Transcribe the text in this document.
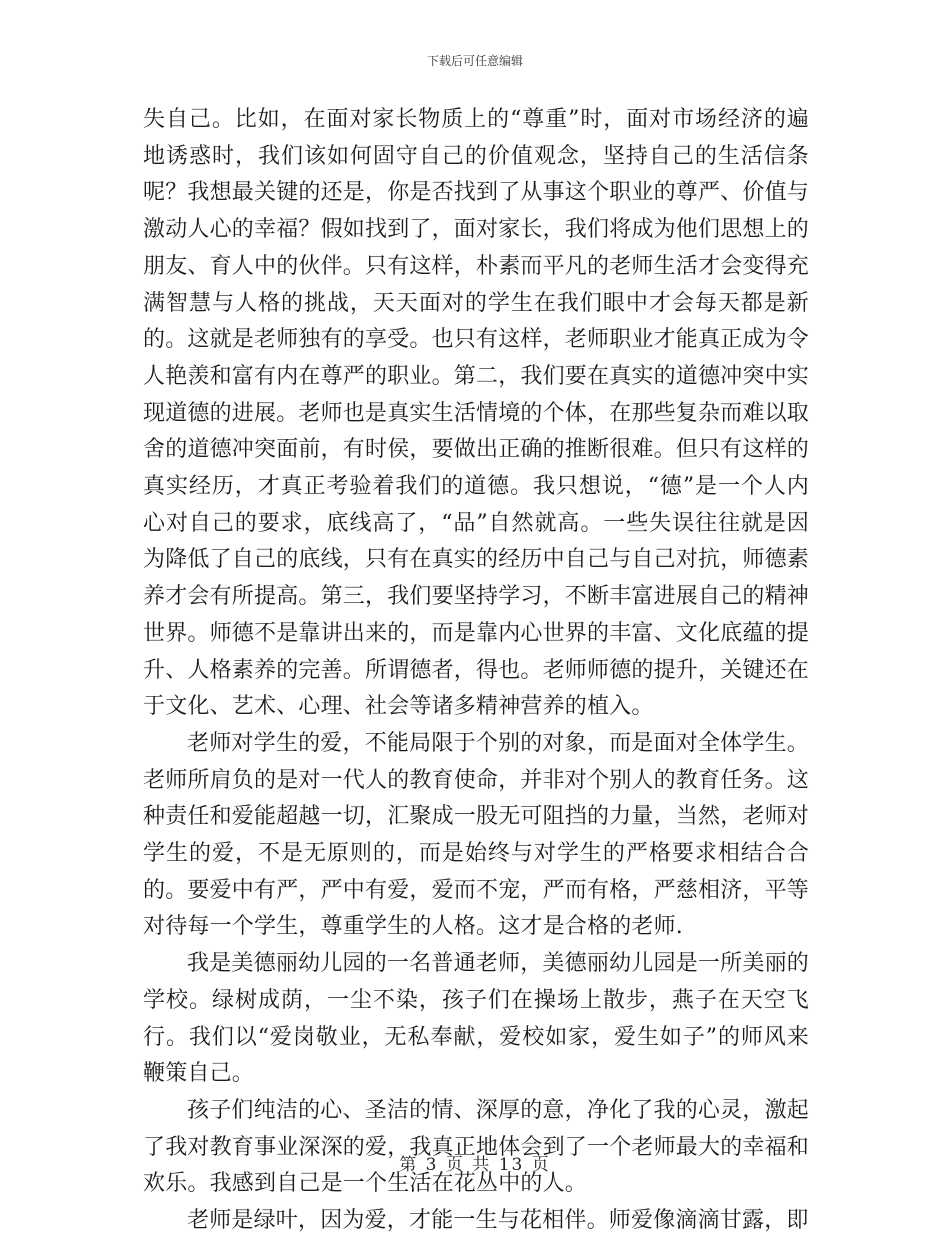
下载后可任意编辑

失自己。比如，在面对家长物质上的“尊重”时，面对市场经济的遍地诱惑时，我们该如何固守自己的价值观念，坚持自己的生活信条呢？我想最关键的还是，你是否找到了从事这个职业的尊严、价值与激动人心的幸福？假如找到了，面对家长，我们将成为他们思想上的朋友、育人中的伙伴。只有这样，朴素而平凡的老师生活才会变得充满智慧与人格的挑战，天天面对的学生在我们眼中才会每天都是新的。这就是老师独有的享受。也只有这样，老师职业才能真正成为令人艳羡和富有内在尊严的职业。第二，我们要在真实的道德冲突中实现道德的进展。老师也是真实生活情境的个体，在那些复杂而难以取舍的道德冲突面前，有时侯，要做出正确的推断很难。但只有这样的真实经历，才真正考验着我们的道德。我只想说，“德”是一个人内心对自己的要求，底线高了，“品”自然就高。一些失误往往就是因为降低了自己的底线，只有在真实的经历中自己与自己对抗，师德素养才会有所提高。第三，我们要坚持学习，不断丰富进展自己的精神世界。师德不是靠讲出来的，而是靠内心世界的丰富、文化底蕴的提升、人格素养的完善。所谓德者，得也。老师师德的提升，关键还在于文化、艺术、心理、社会等诸多精神营养的植入。

老师对学生的爱，不能局限于个别的对象，而是面对全体学生。老师所肩负的是对一代人的教育使命，并非对个别人的教育任务。这种责任和爱能超越一切，汇聚成一股无可阻挡的力量，当然，老师对学生的爱，不是无原则的，而是始终与对学生的严格要求相结合合的。要爱中有严，严中有爱，爱而不宠，严而有格，严慈相济，平等对待每一个学生，尊重学生的人格。这才是合格的老师.

我是美德丽幼儿园的一名普通老师，美德丽幼儿园是一所美丽的学校。绿树成荫，一尘不染，孩子们在操场上散步，燕子在天空飞行。我们以“爱岗敬业，无私奉献，爱校如家，爱生如子”的师风来鞭策自己。

孩子们纯洁的心、圣洁的情、深厚的意，净化了我的心灵，激起了我对教育事业深深的爱，我真正地体会到了一个老师最大的幸福和欢乐。我感到自己是一个生活在花丛中的人。

老师是绿叶，因为爱，才能一生与花相伴。师爱像滴滴甘露，即

第 3 页 共 13 页
